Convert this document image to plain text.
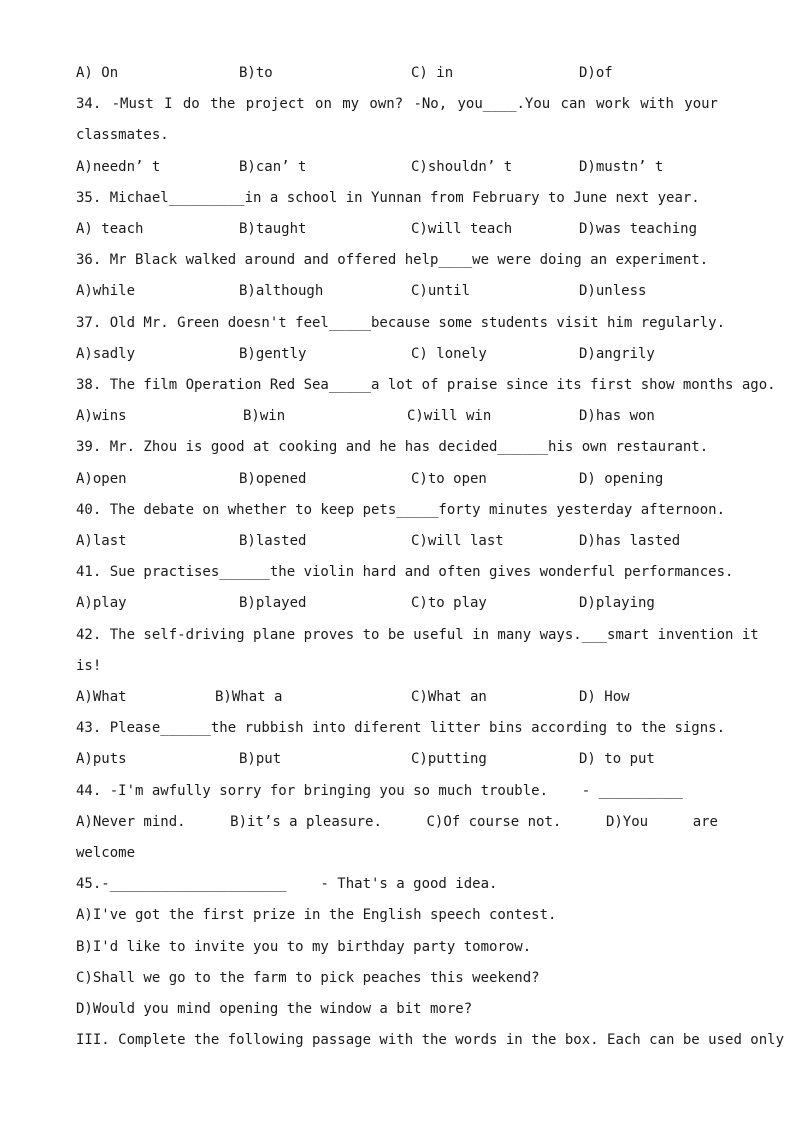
A) On	B)to	C) in	D)of
34. -Must I do the project on my own? -No, you____.You can work with your
classmates.
A)needn’ t	B)can’ t	C)shouldn’ t	D)mustn’ t
35. Michael_________in a school in Yunnan from February to June next year.
A) teach	B)taught	C)will teach	D)was teaching
36. Mr Black walked around and offered help____we were doing an experiment.
A)while	B)although	C)until	D)unless
37. Old Mr. Green doesn't feel_____because some students visit him regularly.
A)sadly	B)gently	C) lonely	D)angrily
38. The film Operation Red Sea_____a lot of praise since its first show months ago.
A)wins	B)win	C)will win	D)has won
39. Mr. Zhou is good at cooking and he has decided______his own restaurant.
A)open	B)opened	C)to open	D) opening
40. The debate on whether to keep pets_____forty minutes yesterday afternoon.
A)last	B)lasted	C)will last	D)has lasted
41. Sue practises______the violin hard and often gives wonderful performances.
A)play	B)played	C)to play	D)playing
42. The self-driving plane proves to be useful in many ways.___smart invention it
is!
A)What	B)What a	C)What an	D) How
43. Please______the rubbish into diferent litter bins according to the signs.
A)puts	B)put	C)putting	D) to put
44. -I'm awfully sorry for bringing you so much trouble.    - __________
A)Never mind.	B)it’s a pleasure.	C)Of course not.	D)You	are
welcome
45.-_____________________    - That's a good idea.
A)I've got the first prize in the English speech contest.
B)I'd like to invite you to my birthday party tomorow.
C)Shall we go to the farm to pick peaches this weekend?
D)Would you mind opening the window a bit more?
III. Complete the following passage with the words in the box. Each can be used only
